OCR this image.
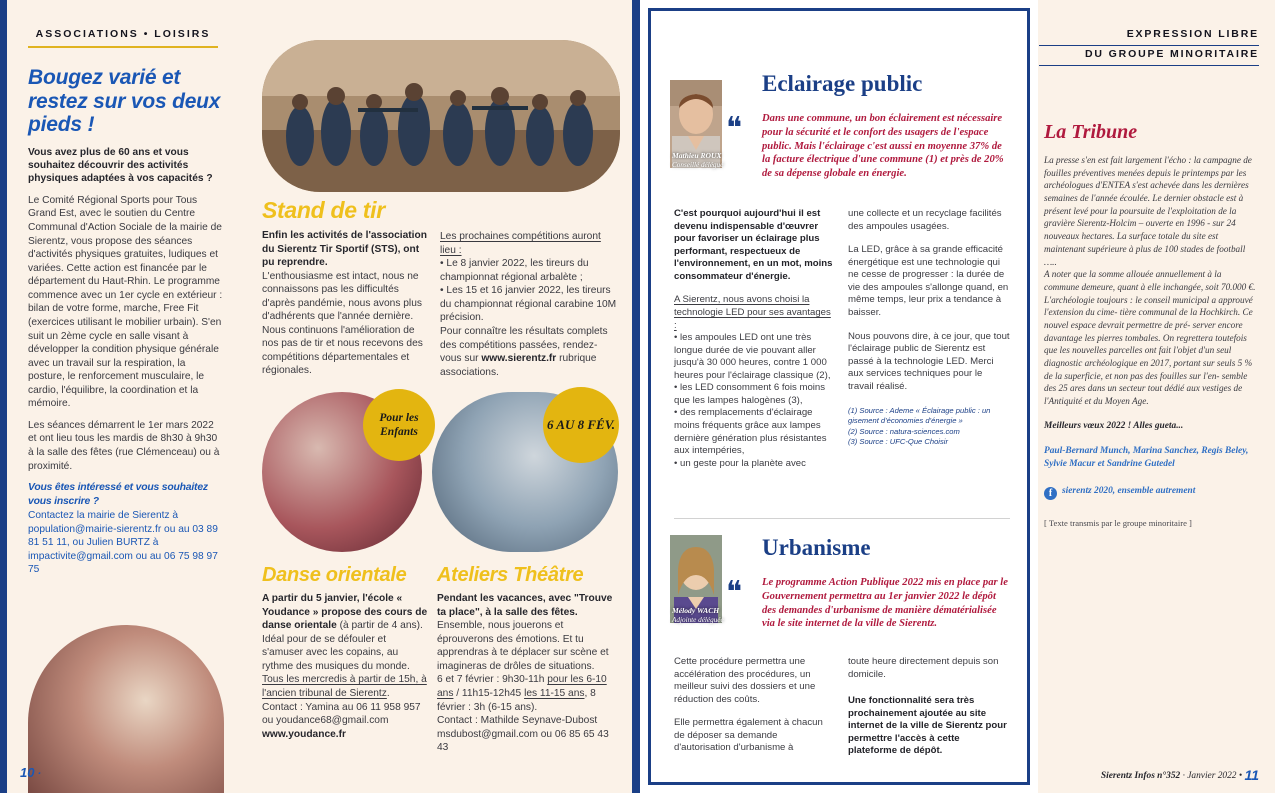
ASSOCIATIONS • LOISIRS	EXPRESSION LIBRE
DU GROUPE MINORITAIRE
Bougez varié et restez sur vos deux pieds !

Vous avez plus de 60 ans et vous souhaitez découvrir des activités physiques adaptées à vos capacités ?

Le Comité Régional Sports pour Tous Grand Est, avec le soutien du Centre Communal d'Action Sociale de la mairie de Sierentz, vous propose des séances d'activités physiques gratuites, ludiques et variées. Cette action est financée par le département du Haut-Rhin. Le programme commence avec un 1er cycle en extérieur : bilan de votre forme, marche, Free Fit (exercices utilisant le mobilier urbain). S'en suit un 2ème cycle en salle visant à développer la condition physique générale avec un travail sur la respiration, la posture, le renforcement musculaire, le cardio, l'équilibre, la coordination et la mémoire.

Les séances démarrent le 1er mars 2022 et ont lieu tous les mardis de 8h30 à 9h30 à la salle des fêtes (rue Clémenceau) ou à proximité.

Vous êtes intéressé et vous souhaitez vous inscrire ?

Contactez la mairie de Sierentz à population@mairie-sierentz.fr ou au 03 89 81 51 11, ou Julien BURTZ à impactivite@gmail.com ou au 06 75 98 97 75

Pour les Enfants	6 AU 8 FÉV.
Stand de tir

Enfin les activités de l'association du Sierentz Tir Sportif (STS), ont pu reprendre.

L'enthousiasme est intact, nous ne connaissons pas les difficultés d'après pandémie, nous avons plus d'adhérents que l'année dernière. Nous continuons l'amélioration de nos pas de tir et nous recevons des compétitions départementales et régionales.

Les prochaines compétitions auront lieu :

• Le 8 janvier 2022, les tireurs du championnat régional arbalète ;

• Les 15 et 16 janvier 2022, les tireurs du championnat régional carabine 10M précision.

Pour connaître les résultats complets des compétitions passées, rendez-vous sur www.sierentz.fr rubrique associations.

Danse orientale

A partir du 5 janvier, l'école « Youdance » propose des cours de danse orientale (à partir de 4 ans). Idéal pour de se défouler et s'amuser avec les copains, au rythme des musiques du monde. Tous les mercredis à partir de 15h, à l'ancien tribunal de Sierentz.

Contact : Yamina au 06 11 958 957 ou youdance68@gmail.com

www.youdance.fr

Ateliers Théâtre

Pendant les vacances, avec "Trouve ta place", à la salle des fêtes. Ensemble, nous jouerons et éprouverons des émotions. Et tu apprendras à te déplacer sur scène et imagineras de drôles de situations.

6 et 7 février : 9h30-11h pour les 6-10 ans / 11h15-12h45 les 11-15 ans, 8 février : 3h (6-15 ans).

Contact : Mathilde Seynave-Dubost msdubost@gmail.com ou 06 85 65 43 43

Mathieu ROUX
Conseillé délégué
Eclairage public
❝ Dans une commune, un bon éclairement est nécessaire pour la sécurité et le confort des usagers de l'espace public. Mais l'éclairage c'est aussi en moyenne 37% de la facture électrique d'une commune (1) et près de 20% de sa dépense globale en énergie.

C'est pourquoi aujourd'hui il est devenu indispensable d'œuvrer pour favoriser un éclairage plus performant, respectueux de l'environnement, en un mot, moins consommateur d'énergie.

A Sierentz, nous avons choisi la technologie LED pour ses avantages :

• les ampoules LED ont une très longue durée de vie pouvant aller jusqu'à 30 000 heures, contre 1 000 heures pour l'éclairage classique (2),

• les LED consomment 6 fois moins que les lampes halogènes (3),

• des remplacements d'éclairage moins fréquents grâce aux lampes dernière génération plus résistantes aux intempéries,

• un geste pour la planète avec

une collecte et un recyclage facilités des ampoules usagées.

La LED, grâce à sa grande efficacité énergétique est une technologie qui ne cesse de progresser : la durée de vie des ampoules s'allonge quand, en même temps, leur prix a tendance à baisser.

Nous pouvons dire, à ce jour, que tout l'éclairage public de Sierentz est passé à la technologie LED. Merci aux services techniques pour le travail réalisé.

(1) Source : Ademe « Éclairage public : un gisement d'économies d'énergie »

(2) Source : natura-sciences.com

(3) Source : UFC-Que Choisir

Mélody WACH
Adjointe déléguée
Urbanisme
❝ Le programme Action Publique 2022 mis en place par le Gouvernement permettra au 1er janvier 2022 le dépôt des demandes d'urbanisme de manière dématérialisée via le site internet de la ville de Sierentz.

Cette procédure permettra une accélération des procédures, un meilleur suivi des dossiers et une réduction des coûts.

Elle permettra également à chacun de déposer sa demande d'autorisation d'urbanisme à

toute heure directement depuis son domicile.

Une fonctionnalité sera très prochainement ajoutée au site internet de la ville de Sierentz pour permettre l'accès à cette plateforme de dépôt.

La Tribune

La presse s'en est fait largement l'écho : la campagne de fouilles préventives menées depuis le printemps par les archéologues d'ENTEA s'est achevée dans les dernières semaines de l'année écoulée. Le dernier obstacle est à présent levé pour la poursuite de l'exploitation de la gravière Sierentz-Holcim – ouverte en 1996 - sur 24 nouveaux hectares. La surface totale du site est maintenant supérieure à plus de 100 stades de football …..

A noter que la somme allouée annuellement à la commune demeure, quant à elle inchangée, soit 70.000 €.

L'archéologie toujours : le conseil municipal a approuvé l'extension du cime- tière communal de la Hochkirch. Ce nouvel espace devrait permettre de pré- server encore davantage les pierres tombales. On regrettera toutefois que les nouvelles parcelles ont fait l'objet d'un seul diagnostic archéologique en 2017, portant sur seuls 5 % de la superficie, et non pas des fouilles sur l'en- semble des 25 ares dans un secteur tout dédié aux vestiges de l'Antiquité et du Moyen Age.

Meilleurs vœux 2022 ! Alles gueta...

Paul-Bernard Munch, Marina Sanchez, Regis Beley, Sylvie Macur et Sandrine Gutedel

f sierentz 2020, ensemble autrement

[ Texte transmis par le groupe minoritaire ]

10 ·	Sierentz Infos n°352 · Janvier 2022 • 11
